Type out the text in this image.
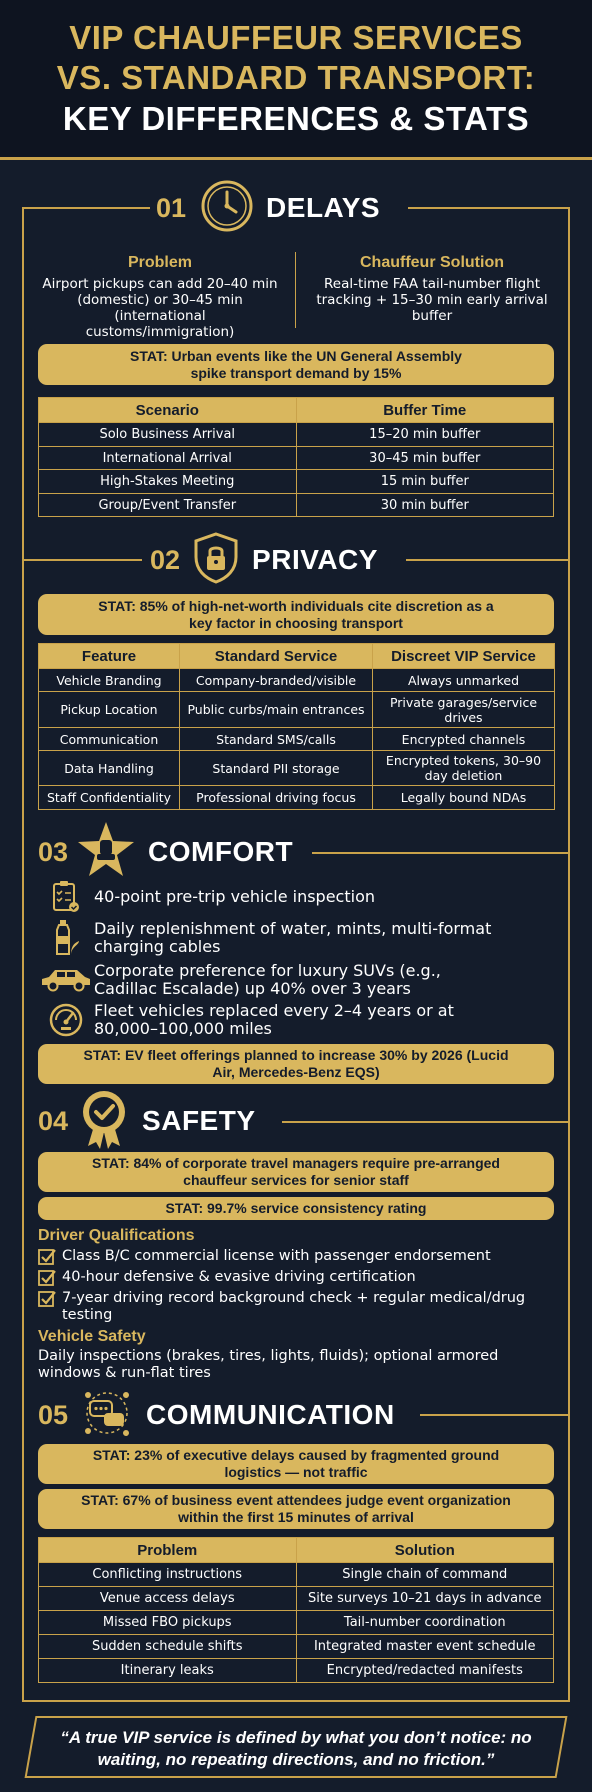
VIP CHAUFFEUR SERVICES
VS. STANDARD TRANSPORT:
KEY DIFFERENCES & STATS
01	DELAYS
Problem
Airport pickups can add 20–40 min (domestic) or 30–45 min (international customs/immigration)
Chauffeur Solution
Real-time FAA tail-number flight tracking + 15–30 min early arrival buffer
STAT: Urban events like the UN General Assembly spike transport demand by 15%
Scenario	Buffer Time
Solo Business Arrival	15–20 min buffer
International Arrival	30–45 min buffer
High-Stakes Meeting	15 min buffer
Group/Event Transfer	30 min buffer
02	PRIVACY
STAT: 85% of high-net-worth individuals cite discretion as a key factor in choosing transport
Feature	Standard Service	Discreet VIP Service
Vehicle Branding	Company-branded/visible	Always unmarked
Pickup Location	Public curbs/main entrances	Private garages/service drives
Communication	Standard SMS/calls	Encrypted channels
Data Handling	Standard PII storage	Encrypted tokens, 30–90 day deletion
Staff Confidentiality	Professional driving focus	Legally bound NDAs
03	COMFORT
40-point pre-trip vehicle inspection
Daily replenishment of water, mints, multi-format charging cables
Corporate preference for luxury SUVs (e.g., Cadillac Escalade) up 40% over 3 years
Fleet vehicles replaced every 2–4 years or at 80,000–100,000 miles
STAT: EV fleet offerings planned to increase 30% by 2026 (Lucid Air, Mercedes-Benz EQS)
04	SAFETY
STAT: 84% of corporate travel managers require pre-arranged chauffeur services for senior staff
STAT: 99.7% service consistency rating
Driver Qualifications
Class B/C commercial license with passenger endorsement
40-hour defensive & evasive driving certification
7-year driving record background check + regular medical/drug testing
Vehicle Safety
Daily inspections (brakes, tires, lights, fluids); optional armored windows & run-flat tires
05	COMMUNICATION
STAT: 23% of executive delays caused by fragmented ground logistics — not traffic
STAT: 67% of business event attendees judge event organization within the first 15 minutes of arrival
Problem	Solution
Conflicting instructions	Single chain of command
Venue access delays	Site surveys 10–21 days in advance
Missed FBO pickups	Tail-number coordination
Sudden schedule shifts	Integrated master event schedule
Itinerary leaks	Encrypted/redacted manifests
“A true VIP service is defined by what you don’t notice: no waiting, no repeating directions, and no friction.”
